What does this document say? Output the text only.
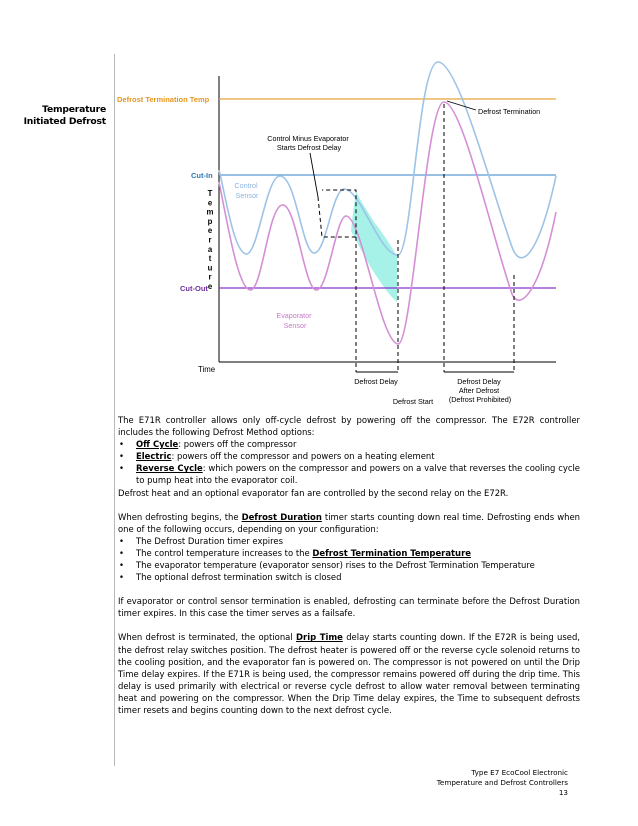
Temperature
Initiated Defrost
Defrost Termination Temp
Cut-In
Cut-Out
Time
T e m p e r a t u r e
Control Sensor
Evaporator Sensor
Control Minus Evaporator Starts Defrost Delay
Defrost Termination
Defrost Delay
Defrost Start
Defrost Delay After Defrost (Defrost Prohibited)

The E71R controller allows only off-cycle defrost by powering off the compressor. The E72R controller includes the following Defrost Method options:

• Off Cycle: powers off the compressor
• Electric: powers off the compressor and powers on a heating element
• Reverse Cycle: which powers on the compressor and powers on a valve that reverses the cooling cycle to pump heat into the evaporator coil.

Defrost heat and an optional evaporator fan are controlled by the second relay on the E72R.

When defrosting begins, the Defrost Duration timer starts counting down real time. Defrosting ends when one of the following occurs, depending on your configuration:

• The Defrost Duration timer expires
• The control temperature increases to the Defrost Termination Temperature
• The evaporator temperature (evaporator sensor) rises to the Defrost Termination Temperature
• The optional defrost termination switch is closed

If evaporator or control sensor termination is enabled, defrosting can terminate before the Defrost Duration timer expires. In this case the timer serves as a failsafe.

When defrost is terminated, the optional Drip Time delay starts counting down. If the E72R is being used, the defrost relay switches position. The defrost heater is powered off or the reverse cycle solenoid returns to the cooling position, and the evaporator fan is powered on. The compressor is not powered on until the Drip Time delay expires. If the E71R is being used, the compressor remains powered off during the drip time. This delay is used primarily with electrical or reverse cycle defrost to allow water removal between terminating heat and powering on the compressor. When the Drip Time delay expires, the Time to subsequent defrosts timer resets and begins counting down to the next defrost cycle.

Type E7 EcoCool Electronic
Temperature and Defrost Controllers
13
